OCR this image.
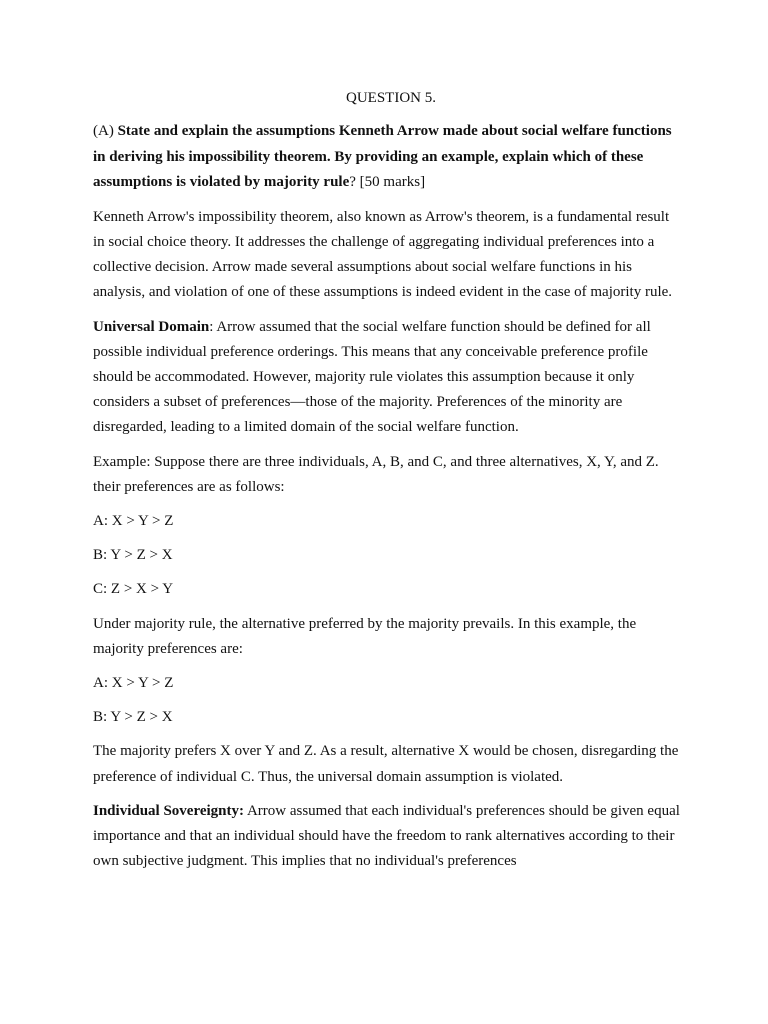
QUESTION 5.

(A) State and explain the assumptions Kenneth Arrow made about social welfare functions in deriving his impossibility theorem. By providing an example, explain which of these assumptions is violated by majority rule? [50 marks]

Kenneth Arrow's impossibility theorem, also known as Arrow's theorem, is a fundamental result in social choice theory. It addresses the challenge of aggregating individual preferences into a collective decision. Arrow made several assumptions about social welfare functions in his analysis, and violation of one of these assumptions is indeed evident in the case of majority rule.

Universal Domain: Arrow assumed that the social welfare function should be defined for all possible individual preference orderings. This means that any conceivable preference profile should be accommodated. However, majority rule violates this assumption because it only considers a subset of preferences—those of the majority. Preferences of the minority are disregarded, leading to a limited domain of the social welfare function.

Example: Suppose there are three individuals, A, B, and C, and three alternatives, X, Y, and Z. their preferences are as follows:

A: X > Y > Z

B: Y > Z > X

C: Z > X > Y

Under majority rule, the alternative preferred by the majority prevails. In this example, the majority preferences are:

A: X > Y > Z

B: Y > Z > X

The majority prefers X over Y and Z. As a result, alternative X would be chosen, disregarding the preference of individual C. Thus, the universal domain assumption is violated.

Individual Sovereignty: Arrow assumed that each individual's preferences should be given equal importance and that an individual should have the freedom to rank alternatives according to their own subjective judgment. This implies that no individual's preferences
